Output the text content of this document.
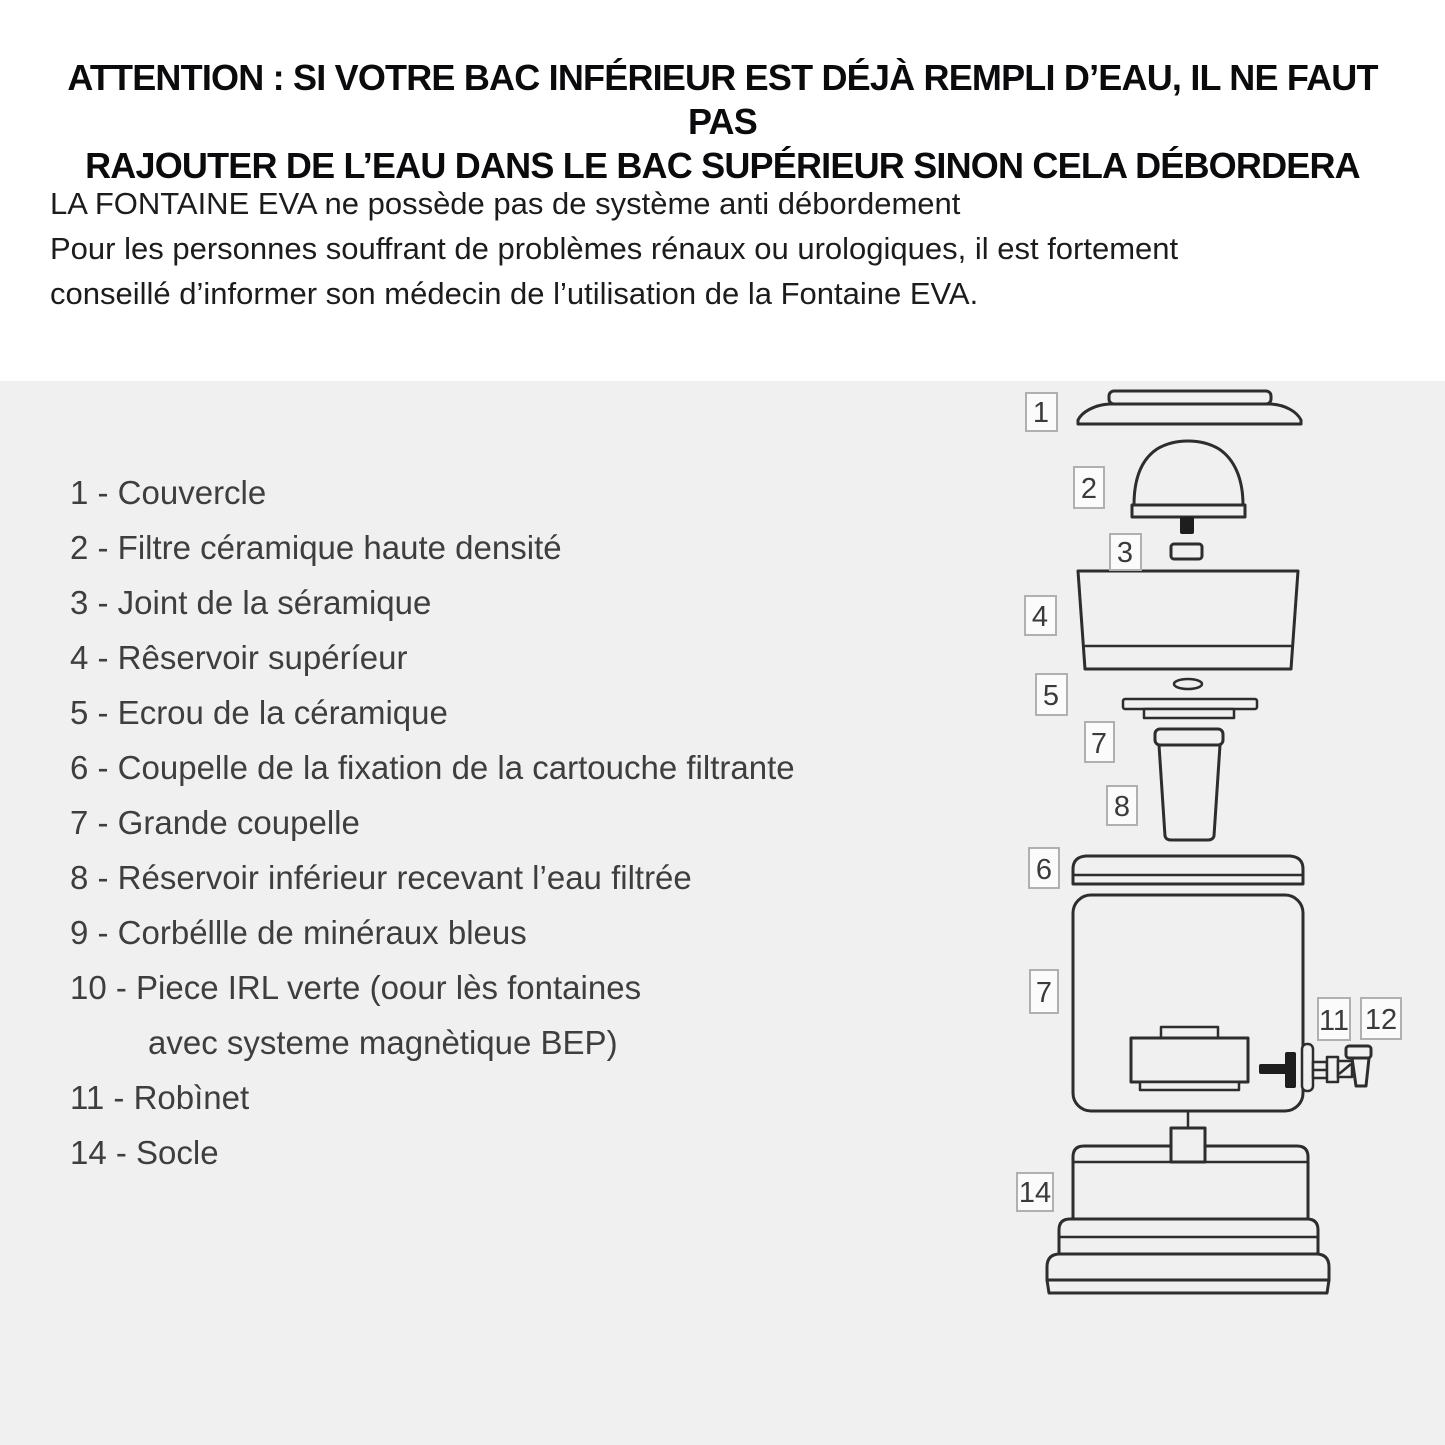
ATTENTION : SI VOTRE BAC INFÉRIEUR EST DÉJÀ REMPLI D’EAU, IL NE FAUT PAS
RAJOUTER DE L’EAU DANS LE BAC SUPÉRIEUR SINON CELA DÉBORDERA
LA FONTAINE EVA ne possède pas de système anti débordement
Pour les personnes souffrant de problèmes rénaux ou urologiques, il est fortement
conseillé d’informer son médecin de l’utilisation de la Fontaine EVA.
1 - Couvercle
2 - Filtre céramique haute densité
3 - Joint de la séramique
4 - Rêservoir supéríeur
5 - Ecrou de la céramique
6 - Coupelle de la fixation de la cartouche filtrante
7 - Grande coupelle
8 - Réservoir inférieur recevant l’eau filtrée
9 - Corbéllle de minéraux bleus
10 - Piece IRL verte (oour lès fontaines
avec systeme magnètique BEP)
11 - Robìnet
14 - Socle
1
2
3
4
5
7
8
6
7
11 12
14
